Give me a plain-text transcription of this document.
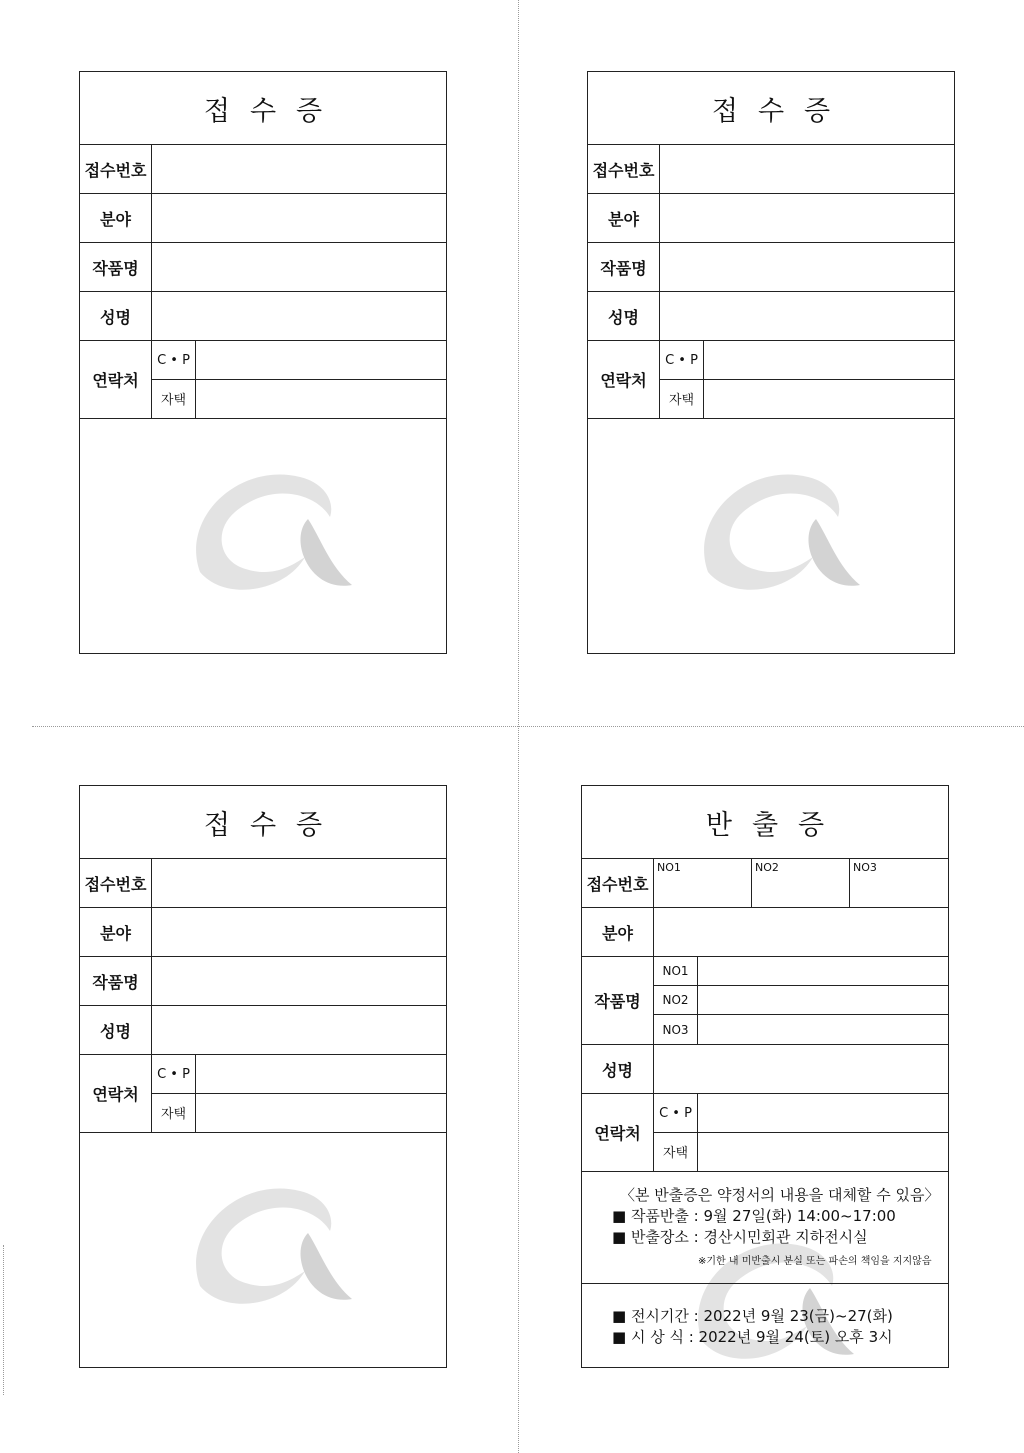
접 수 증
접수번호
분야
작품명
성명
연락처
C • P
자택
접 수 증
접수번호
분야
작품명
성명
연락처
C • P
자택
접 수 증
접수번호
분야
작품명
성명
연락처
C • P
자택
반 출 증
접수번호
NO1	NO2	NO3
분야
작품명
NO1
NO2
NO3
성명
연락처
C • P
자택
〈본 반출증은 약정서의 내용을 대체할 수 있음〉
■ 작품반출 : 9월 27일(화) 14:00~17:00
■ 반출장소 : 경산시민회관 지하전시실
※기한 내 미반출시 분실 또는 파손의 책임을 지지않음
■ 전시기간 : 2022년 9월 23(금)~27(화)
■ 시 상 식 : 2022년 9월 24(토) 오후 3시
